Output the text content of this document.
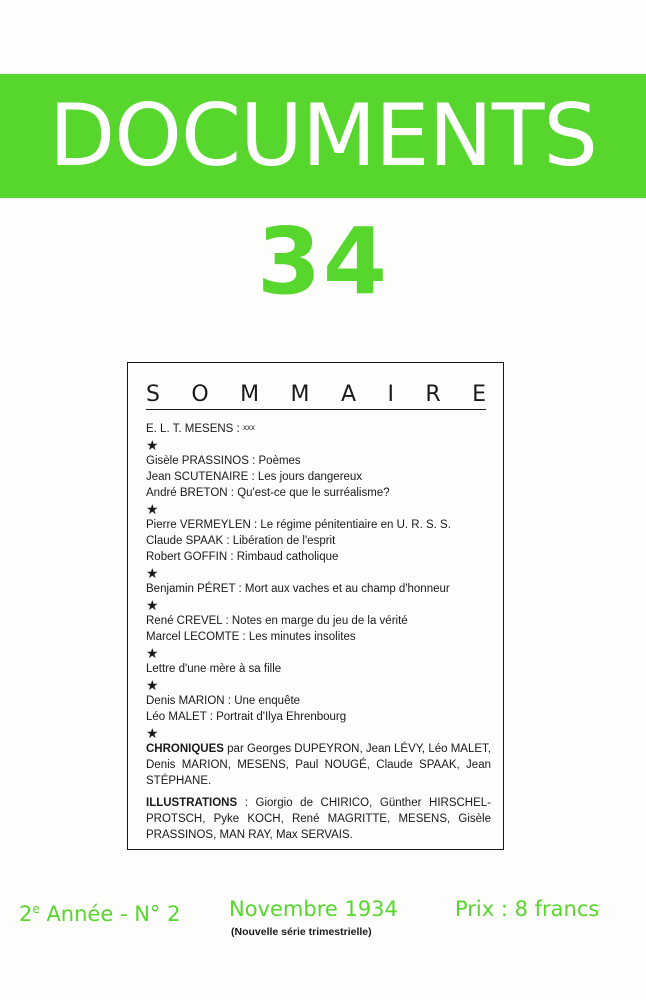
DOCUMENTS
34
S O M M A I R E
E. L. T. MESENS : xxx
★
Gisèle PRASSINOS : Poèmes
Jean SCUTENAIRE : Les jours dangereux
André BRETON : Qu'est-ce que le surréalisme?
★
Pierre VERMEYLEN : Le régime pénitentiaire en U. R. S. S.
Claude SPAAK : Libération de l'esprit
Robert GOFFIN : Rimbaud catholique
★
Benjamin PÉRET : Mort aux vaches et au champ d'honneur
★
René CREVEL : Notes en marge du jeu de la vérité
Marcel LECOMTE : Les minutes insolites
★
Lettre d'une mère à sa fille
★
Denis MARION : Une enquête
Léo MALET : Portrait d'Ilya Ehrenbourg
★
CHRONIQUES par Georges DUPEYRON, Jean LÉVY, Léo MALET, Denis MARION, MESENS, Paul NOUGÉ, Claude SPAAK, Jean STÉPHANE.
ILLUSTRATIONS : Giorgio de CHIRICO, Günther HIRSCHEL-PROTSCH, Pyke KOCH, René MAGRITTE, MESENS, Gisèle PRASSINOS, MAN RAY, Max SERVAIS.
2e Année - N° 2 Novembre 1934	Prix : 8 francs
(Nouvelle série trimestrielle)
